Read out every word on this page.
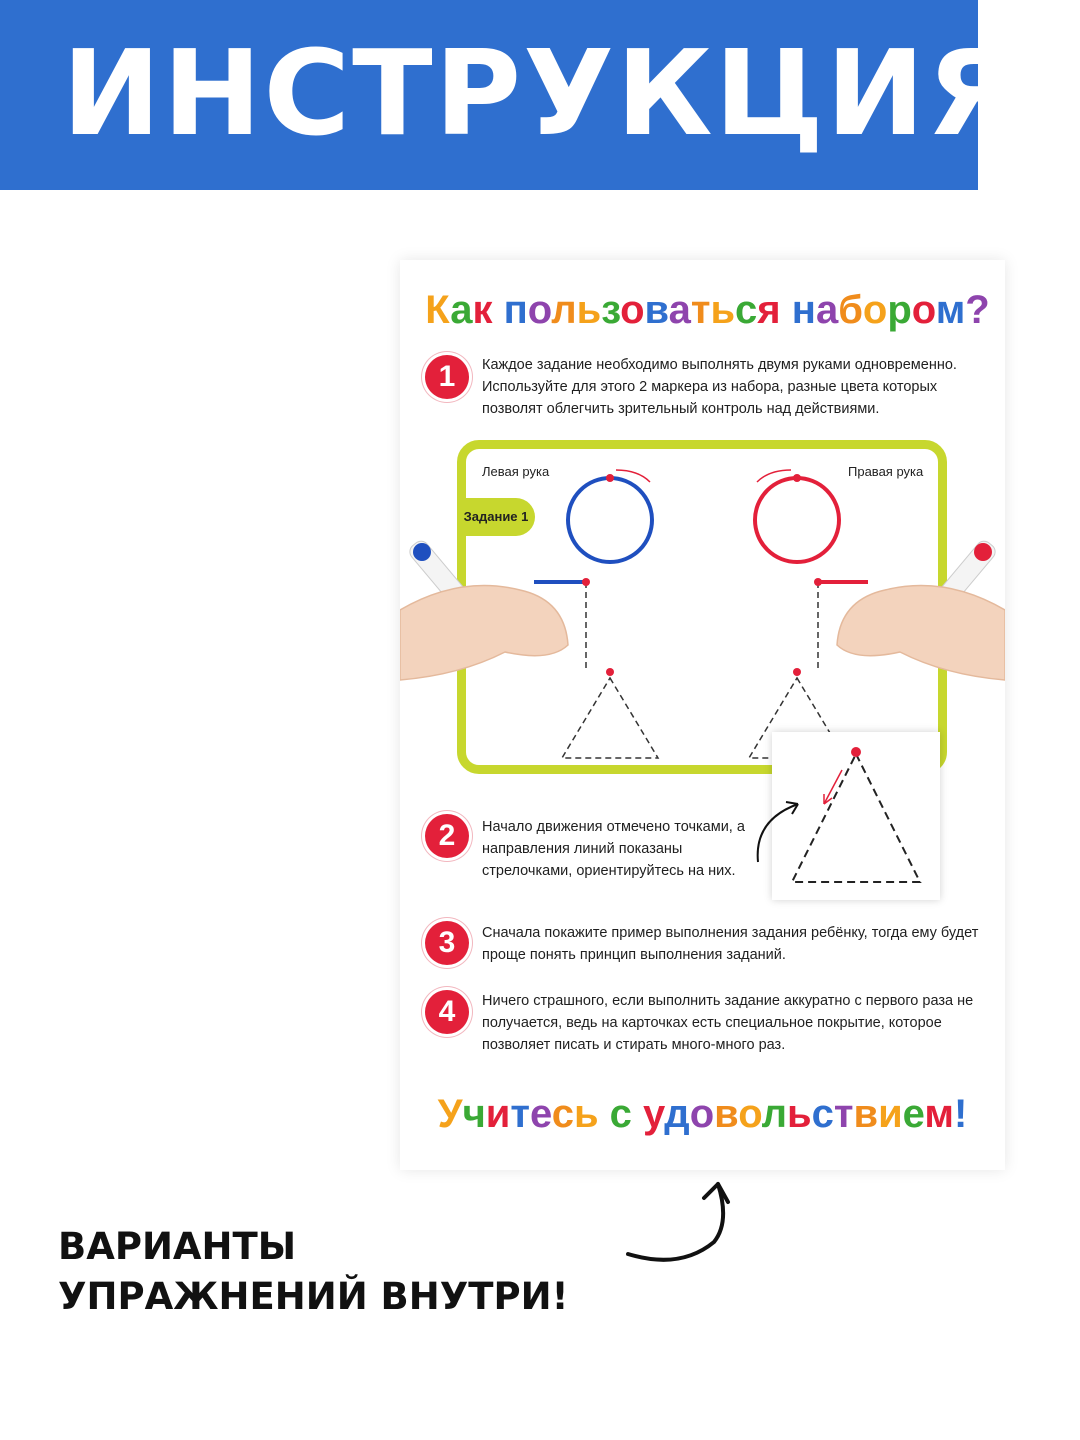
ИНСТРУКЦИЯ
Как пользоваться набором?
1	Каждое задание необходимо выполнять двумя руками одновременно. Используйте для этого 2 маркера из набора, разные цвета которых позволят облегчить зрительный контроль над действиями.
Задание 1
Левая рука	Правая рука
2	Начало движения отмечено точками, а направления линий показаны стрелочками, ориентируйтесь на них.
3	Сначала покажите пример выполнения задания ребёнку, тогда ему будет проще понять принцип выполнения заданий.
4	Ничего страшного, если выполнить задание аккуратно с первого раза не получается, ведь на карточках есть специальное покрытие, которое позволяет писать и стирать много-много раз.
Учитесь с удовольствием!
ВАРИАНТЫ УПРАЖНЕНИЙ ВНУТРИ!
